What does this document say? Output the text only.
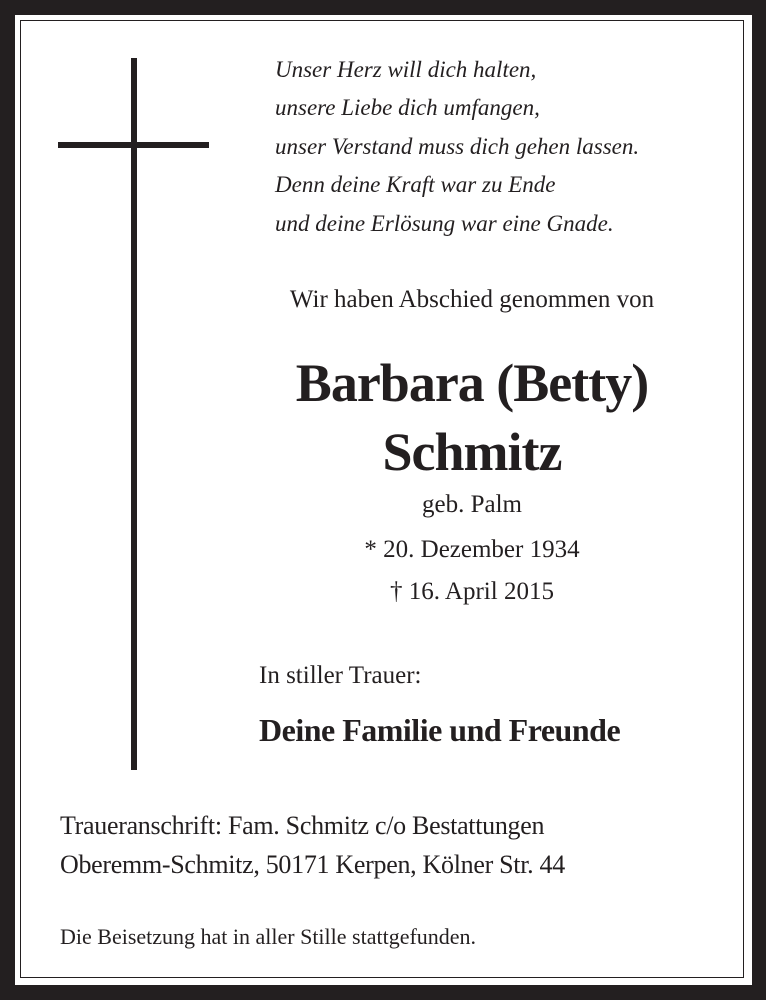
Unser Herz will dich halten,
unsere Liebe dich umfangen,
unser Verstand muss dich gehen lassen.
Denn deine Kraft war zu Ende
und deine Erlösung war eine Gnade.
Wir haben Abschied genommen von
Barbara (Betty)
Schmitz
geb. Palm
* 20. Dezember 1934
† 16. April 2015
In stiller Trauer:
Deine Familie und Freunde
Traueranschrift: Fam. Schmitz c/o Bestattungen
Oberemm-Schmitz, 50171 Kerpen, Kölner Str. 44
Die Beisetzung hat in aller Stille stattgefunden.
